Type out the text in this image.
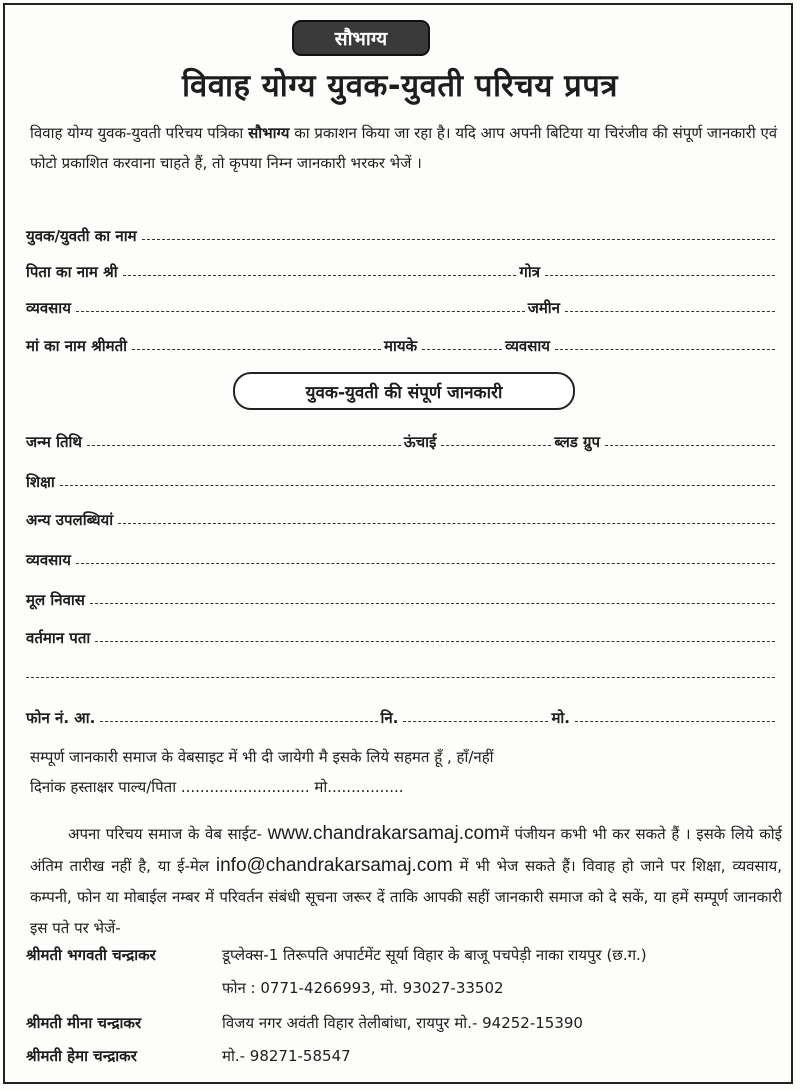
सौभाग्य
विवाह योग्य युवक-युवती परिचय प्रपत्र
विवाह योग्य युवक-युवती परिचय पत्रिका सौभाग्य का प्रकाशन किया जा रहा है। यदि आप अपनी बिटिया या चिरंजीव की संपूर्ण जानकारी एवं फोटो प्रकाशित करवाना चाहते हैं, तो कृपया निम्न जानकारी भरकर भेजें ।
युवक/युवती का नाम
पिता का नाम श्री	गोत्र
व्यवसाय	जमीन
मां का नाम श्रीमती	मायके	व्यवसाय
युवक-युवती की संपूर्ण जानकारी
जन्म तिथि	ऊंचाई	ब्लड ग्रुप
शिक्षा
अन्य उपलब्धियां
व्यवसाय
मूल निवास
वर्तमान पता
फोन नं. आ.	नि.	मो.
सम्पूर्ण जानकारी समाज के वेबसाइट में भी दी जायेगी मै इसके लिये सहमत हूँ , हाँ/नहीं
दिनांक हस्ताक्षर पाल्य/पिता ........................... मो................
अपना परिचय समाज के वेब साईट- www.chandrakarsamaj.comमें पंजीयन कभी भी कर सकते हैं । इसके लिये कोई अंतिम तारीख नहीं है, या ई-मेल info@chandrakarsamaj.com में भी भेज सकते हैं। विवाह हो जाने पर शिक्षा, व्यवसाय, कम्पनी, फोन या मोबाईल नम्बर में परिवर्तन संबंधी सूचना जरूर दें ताकि आपकी सहीं जानकारी समाज को दे सकें, या हमें सम्पूर्ण जानकारी इस पते पर भेजें-
श्रीमती भगवती चन्द्राकर	डूप्लेक्स-1 तिरूपति अपार्टमेंट सूर्या विहार के बाजू पचपेड़ी नाका रायपुर (छ.ग.)
फोन : 0771-4266993, मो. 93027-33502
श्रीमती मीना चन्द्राकर	विजय नगर अवंती विहार तेलीबांधा, रायपुर मो.- 94252-15390
श्रीमती हेमा चन्द्राकर	मो.- 98271-58547
